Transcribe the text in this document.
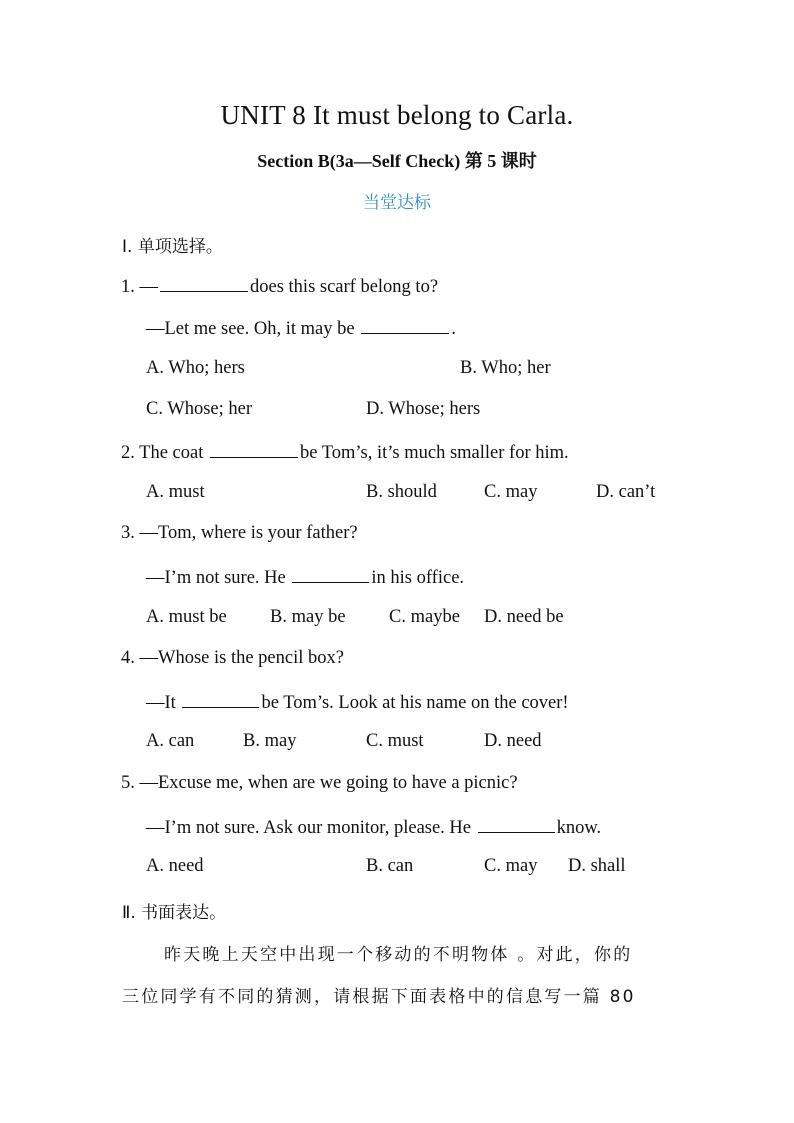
UNIT 8 It must belong to Carla.
Section B(3a—Self Check) 第 5 课时
当堂达标
Ⅰ. 单项选择。
1. —	does this scarf belong to?
—Let me see. Oh, it may be	.
A. Who; hers	B. Who; her
C. Whose; her	D. Whose; hers
2. The coat	be Tom’s, it’s much smaller for him.
A. must	B. should	C. may	D. can’t
3. —Tom, where is your father?
—I’m not sure. He	in his office.
A. must be B. may be C. maybe D. need be
4. —Whose is the pencil box?
—It	be Tom’s. Look at his name on the cover!
A. can	B. may	C. must	D. need
5. —Excuse me, when are we going to have a picnic?
—I’m not sure. Ask our monitor, please. He	know.
A. need	B. can	C. may D. shall
Ⅱ. 书面表达。
昨天晚上天空中出现一个移动的不明物体 。对此，你的
三位同学有不同的猜测，请根据下面表格中的信息写一篇 80
